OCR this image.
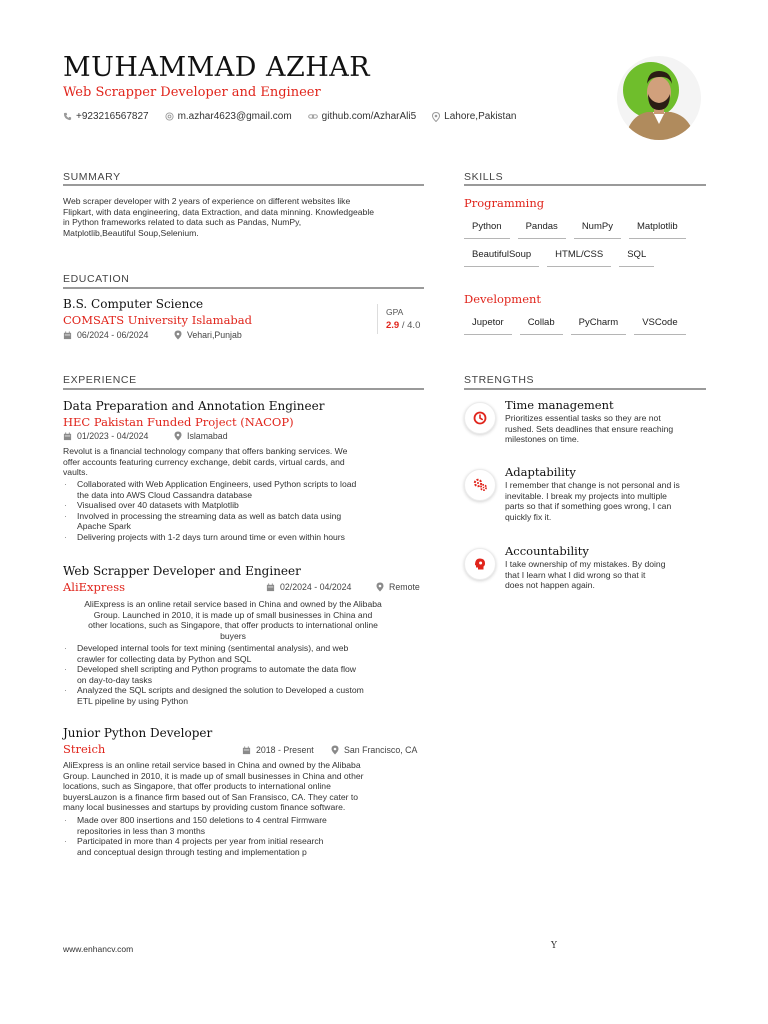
MUHAMMAD AZHAR
Web Scrapper Developer and Engineer
+923216567827	m.azhar4623@gmail.com	github.com/AzharAli5	Lahore,Pakistan
SUMMARY
Web scraper developer with 2 years of experience on different websites like
Flipkart, with data engineering, data Extraction, and data minning. Knowledgeable
in Python frameworks related to data such as Pandas, NumPy,
Matplotlib,Beautiful Soup,Selenium.
EDUCATION
B.S. Computer Science
COMSATS University Islamabad
06/2024 - 06/2024	Vehari,Punjab
GPA
2.9 / 4.0
EXPERIENCE
Data Preparation and Annotation Engineer
HEC Pakistan Funded Project (NACOP)
01/2023 - 04/2024	Islamabad
Revolut is a financial technology company that offers banking services. We
offer accounts featuring currency exchange, debit cards, virtual cards, and
vaults.
· Collaborated with Web Application Engineers, used Python scripts to load
the data into AWS Cloud Cassandra database
· Visualised over 40 datasets with Matplotlib
· Involved in processing the streaming data as well as batch data using
Apache Spark
· Delivering projects with 1-2 days turn around time or even within hours
Web Scrapper Developer and Engineer
AliExpress	02/2024 - 04/2024	Remote
AliExpress is an online retail service based in China and owned by the Alibaba
Group. Launched in 2010, it is made up of small businesses in China and
other locations, such as Singapore, that offer products to international online
buyers
· Developed internal tools for text mining (sentimental analysis), and web
crawler for collecting data by Python and SQL
· Developed shell scripting and Python programs to automate the data flow
on day-to-day tasks
· Analyzed the SQL scripts and designed the solution to Developed a custom
ETL pipeline by using Python
Junior Python Developer
Streich	2018 - Present	San Francisco, CA
AliExpress is an online retail service based in China and owned by the Alibaba
Group. Launched in 2010, it is made up of small businesses in China and other
locations, such as Singapore, that offer products to international online
buyersLauzon is a finance firm based out of San Fransisco, CA. They cater to
many local businesses and startups by providing custom finance software.
· Made over 800 insertions and 150 deletions to 4 central Firmware
repositories in less than 3 months
· Participated in more than 4 projects per year from initial research
and conceptual design through testing and implementation p
SKILLS
Programming
Python	Pandas	NumPy	Matplotlib
BeautifulSoup	HTML/CSS	SQL
Development
Jupetor	Collab	PyCharm	VSCode
STRENGTHS
Time management
Prioritizes essential tasks so they are not
rushed. Sets deadlines that ensure reaching
milestones on time.
Adaptability
I remember that change is not personal and is
inevitable. I break my projects into multiple
parts so that if something goes wrong, I can
quickly fix it.
Accountability
I take ownership of my mistakes. By doing
that I learn what I did wrong so that it
does not happen again.
www.enhancv.com	Y
